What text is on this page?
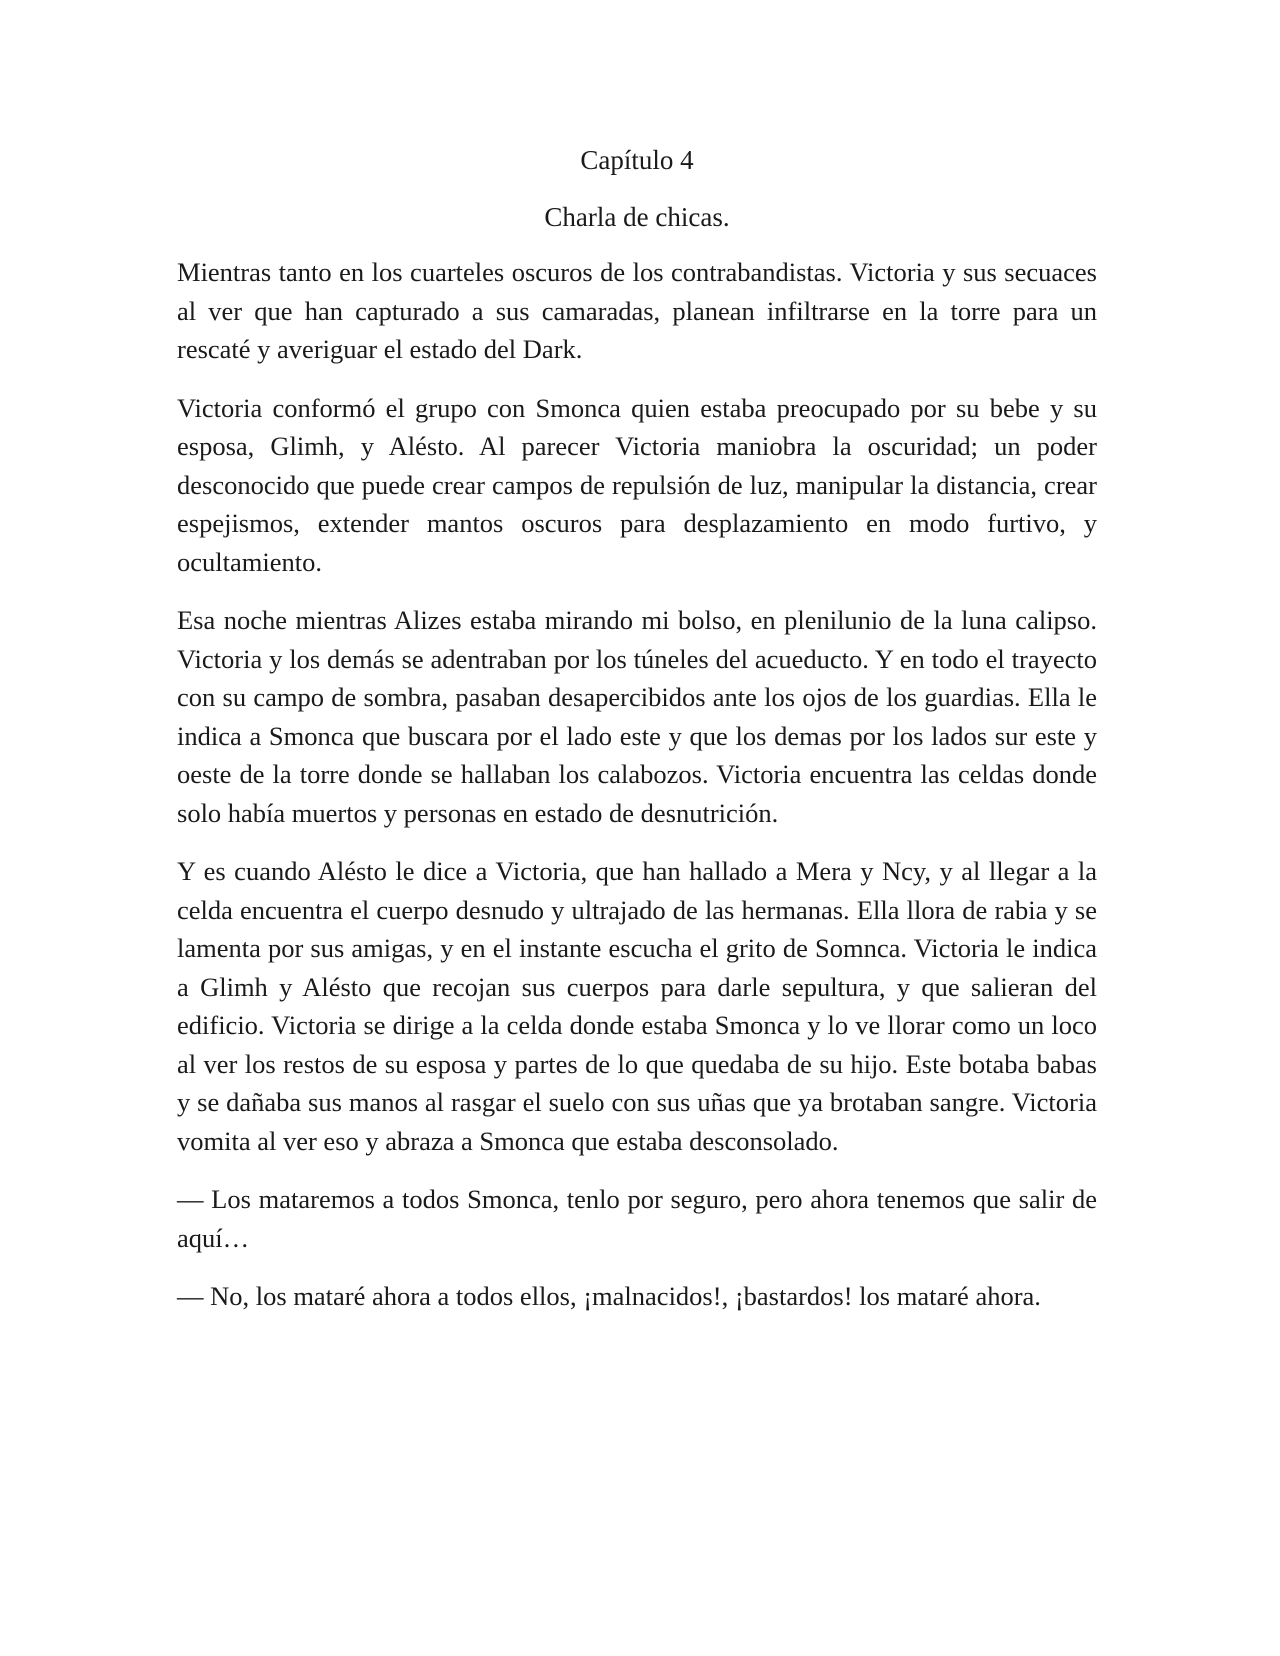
Capítulo 4
Charla de chicas.

Mientras tanto en los cuarteles oscuros de los contrabandistas. Victoria y sus secuaces al ver que han capturado a sus camaradas, planean infiltrarse en la torre para un rescaté y averiguar el estado del Dark.

Victoria conformó el grupo con Smonca quien estaba preocupado por su bebe y su esposa, Glimh, y Alésto. Al parecer Victoria maniobra la oscuridad; un poder desconocido que puede crear campos de repulsión de luz, manipular la distancia, crear espejismos, extender mantos oscuros para desplazamiento en modo furtivo, y ocultamiento.

Esa noche mientras Alizes estaba mirando mi bolso, en plenilunio de la luna calipso. Victoria y los demás se adentraban por los túneles del acueducto. Y en todo el trayecto con su campo de sombra, pasaban desapercibidos ante los ojos de los guardias. Ella le indica a Smonca que buscara por el lado este y que los demas por los lados sur este y oeste de la torre donde se hallaban los calabozos. Victoria encuentra las celdas donde solo había muertos y personas en estado de desnutrición.

Y es cuando Alésto le dice a Victoria, que han hallado a Mera y Ncy, y al llegar a la celda encuentra el cuerpo desnudo y ultrajado de las hermanas. Ella llora de rabia y se lamenta por sus amigas, y en el instante escucha el grito de Somnca. Victoria le indica a Glimh y Alésto que recojan sus cuerpos para darle sepultura, y que salieran del edificio. Victoria se dirige a la celda donde estaba Smonca y lo ve llorar como un loco al ver los restos de su esposa y partes de lo que quedaba de su hijo. Este botaba babas y se dañaba sus manos al rasgar el suelo con sus uñas que ya brotaban sangre. Victoria vomita al ver eso y abraza a Smonca que estaba desconsolado.

— Los mataremos a todos Smonca, tenlo por seguro, pero ahora tenemos que salir de aquí…

— No, los mataré ahora a todos ellos, ¡malnacidos!, ¡bastardos! los mataré ahora.
